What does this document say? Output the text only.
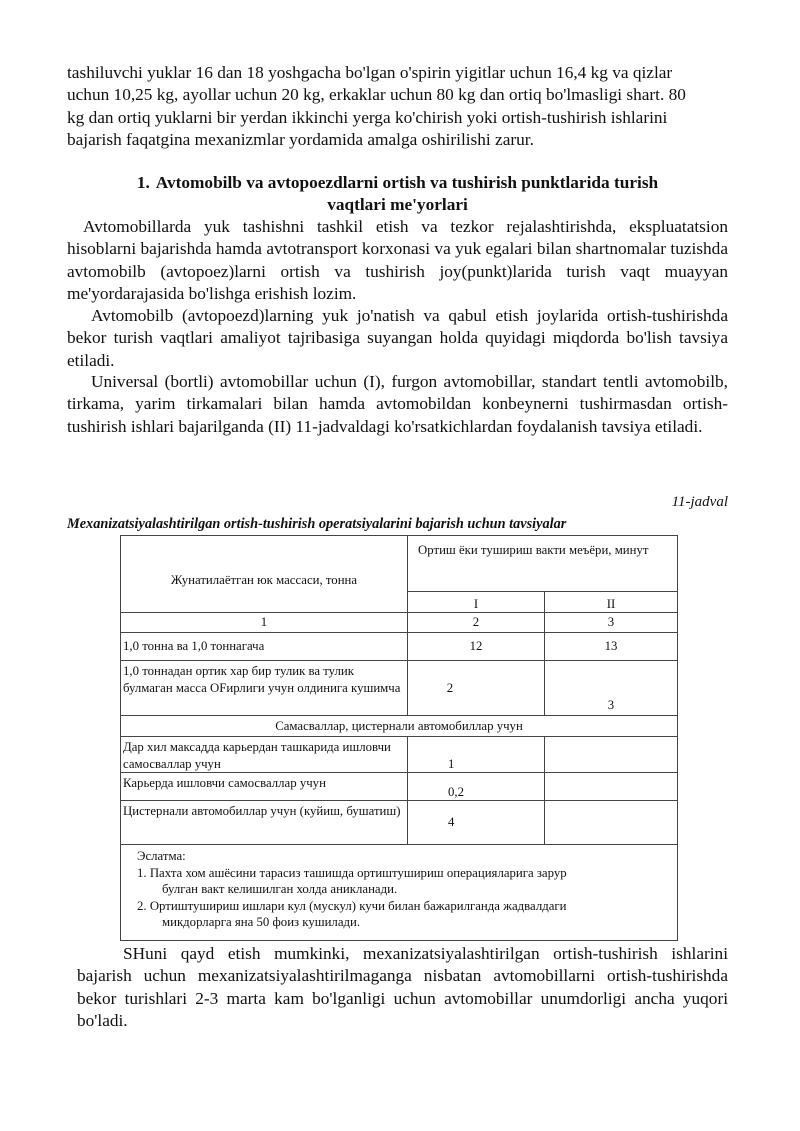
tashiluvchi yuklar 16 dan 18 yoshgacha bo'lgan o'spirin yigitlar uchun 16,4 kg va qizlar
uchun 10,25 kg, ayollar uchun 20 kg, erkaklar uchun 80 kg dan ortiq bo'lmasligi shart. 80
kg dan ortiq yuklarni bir yerdan ikkinchi yerga ko'chirish yoki ortish-tushirish ishlarini
bajarish faqatgina mexanizmlar yordamida amalga oshirilishi zarur.
1. Avtomobilb va avtopoezdlarni ortish va tushirish punktlarida turish
vaqtlari me'yorlari

Avtomobillarda yuk tashishni tashkil etish va tezkor rejalashtirishda, ekspluatatsion hisoblarni bajarishda hamda avtotransport korxonasi va yuk egalari bilan shartnomalar tuzishda avtomobilb (avtopoez)larni ortish va tushirish joy(punkt)larida turish vaqt muayyan me'yordarajasida bo'lishga erishish lozim.

Avtomobilb (avtopoezd)larning yuk jo'natish va qabul etish joylarida ortish-tushirishda bekor turish vaqtlari amaliyot tajribasiga suyangan holda quyidagi miqdorda bo'lish tavsiya etiladi.

Universal (bortli) avtomobillar uchun (I), furgon avtomobillar, standart tentli avtomobilb, tirkama, yarim tirkamalari bilan hamda avtomobildan konbeynerni tushirmasdan ortish-tushirish ishlari bajarilganda (II) 11-jadvaldagi ko'rsatkichlardan foydalanish tavsiya etiladi.

11-jadval

Mexanizatsiyalashtirilgan ortish-tushirish operatsiyalarini bajarish uchun tavsiyalar

Жунатилаётган юк массаси, тонна	Ортиш ёки тушириш вакти меъёри, минут	
	I	II
1	2	3
1,0 тонна ва 1,0 тоннагача	12	13
1,0 тоннадан ортик хар бир тулик ва тулик булмаган масса OFирлиги учун олдинига кушимча	2	3
Самасваллар, цистернали автомобиллар учун		

Дар хил максадда карьердан ташкарида ишловчи самосваллар учун	1	
Карьерда ишловчи самосваллар учун	0,2	
Цистернали автомобиллар учун (куйиш, бушатиш)	4	

Эслатма:
1. Пахта хом ашёсини тарасиз ташишда ортиштушириш операцияларига зарур
булган вакт келишилган холда аникланади.
2. Ортиштушириш ишлари кул (мускул) кучи билан бажарилганда жадвалдаги
микдорларга яна 50 фоиз кушилади.		

SHuni qayd etish mumkinki, mexanizatsiyalashtirilgan ortish-tushirish ishlarini bajarish uchun mexanizatsiyalashtirilmaganga nisbatan avtomobillarni ortish-tushirishda bekor turishlari 2-3 marta kam bo'lganligi uchun avtomobillar unumdorligi ancha yuqori bo'ladi.
